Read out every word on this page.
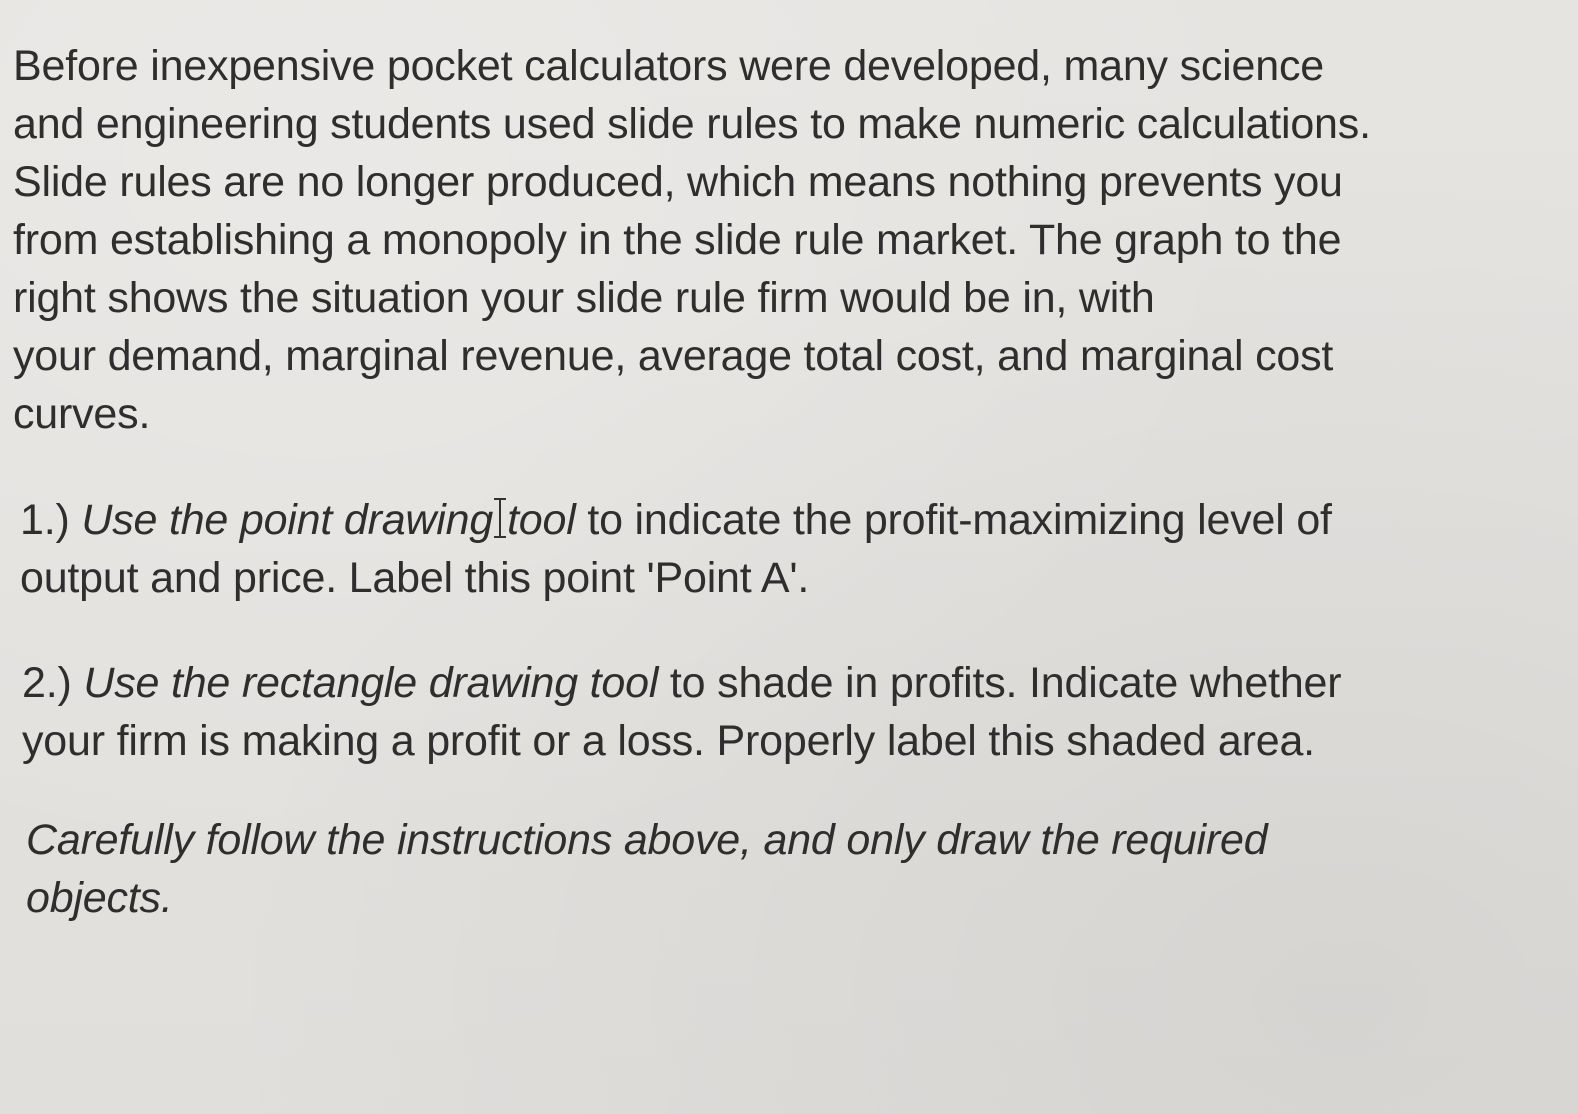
Before inexpensive pocket calculators were developed, many science
and engineering students used slide rules to make numeric calculations.
Slide rules are no longer produced, which means nothing prevents you
from establishing a monopoly in the slide rule market. The graph to the
right shows the situation your slide rule firm would be in, with
your demand, marginal revenue, average total cost, and marginal cost
curves.
1.) Use the point drawing tool to indicate the profit-maximizing level of
output and price. Label this point 'Point A'.
2.) Use the rectangle drawing tool to shade in profits. Indicate whether
your firm is making a profit or a loss. Properly label this shaded area.
Carefully follow the instructions above, and only draw the required
objects.
